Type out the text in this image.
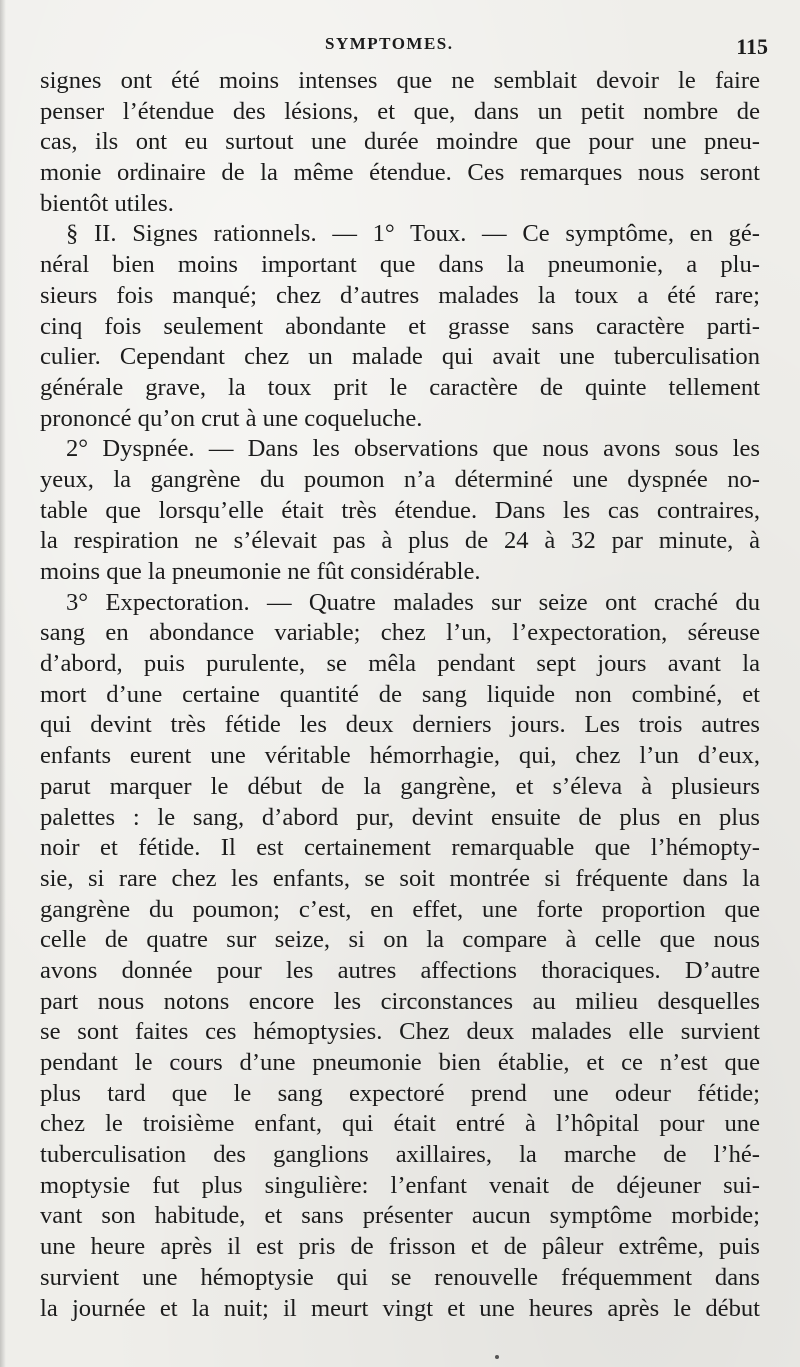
SYMPTOMES.	115
signes ont été moins intenses que ne semblait devoir le faire
penser l’étendue des lésions, et que, dans un petit nombre de
cas, ils ont eu surtout une durée moindre que pour une pneu-
monie ordinaire de la même étendue. Ces remarques nous seront
bientôt utiles.
§ II. Signes rationnels. — 1° Toux. — Ce symptôme, en gé-
néral bien moins important que dans la pneumonie, a plu-
sieurs fois manqué; chez d’autres malades la toux a été rare;
cinq fois seulement abondante et grasse sans caractère parti-
culier. Cependant chez un malade qui avait une tuberculisation
générale grave, la toux prit le caractère de quinte tellement
prononcé qu’on crut à une coqueluche.
2° Dyspnée. — Dans les observations que nous avons sous les
yeux, la gangrène du poumon n’a déterminé une dyspnée no-
table que lorsqu’elle était très étendue. Dans les cas contraires,
la respiration ne s’élevait pas à plus de 24 à 32 par minute, à
moins que la pneumonie ne fût considérable.
3° Expectoration. — Quatre malades sur seize ont craché du
sang en abondance variable; chez l’un, l’expectoration, séreuse
d’abord, puis purulente, se mêla pendant sept jours avant la
mort d’une certaine quantité de sang liquide non combiné, et
qui devint très fétide les deux derniers jours. Les trois autres
enfants eurent une véritable hémorrhagie, qui, chez l’un d’eux,
parut marquer le début de la gangrène, et s’éleva à plusieurs
palettes : le sang, d’abord pur, devint ensuite de plus en plus
noir et fétide. Il est certainement remarquable que l’hémopty-
sie, si rare chez les enfants, se soit montrée si fréquente dans la
gangrène du poumon; c’est, en effet, une forte proportion que
celle de quatre sur seize, si on la compare à celle que nous
avons donnée pour les autres affections thoraciques. D’autre
part nous notons encore les circonstances au milieu desquelles
se sont faites ces hémoptysies. Chez deux malades elle survient
pendant le cours d’une pneumonie bien établie, et ce n’est que
plus tard que le sang expectoré prend une odeur fétide;
chez le troisième enfant, qui était entré à l’hôpital pour une
tuberculisation des ganglions axillaires, la marche de l’hé-
moptysie fut plus singulière: l’enfant venait de déjeuner sui-
vant son habitude, et sans présenter aucun symptôme morbide;
une heure après il est pris de frisson et de pâleur extrême, puis
survient une hémoptysie qui se renouvelle fréquemment dans
la journée et la nuit; il meurt vingt et une heures après le début
